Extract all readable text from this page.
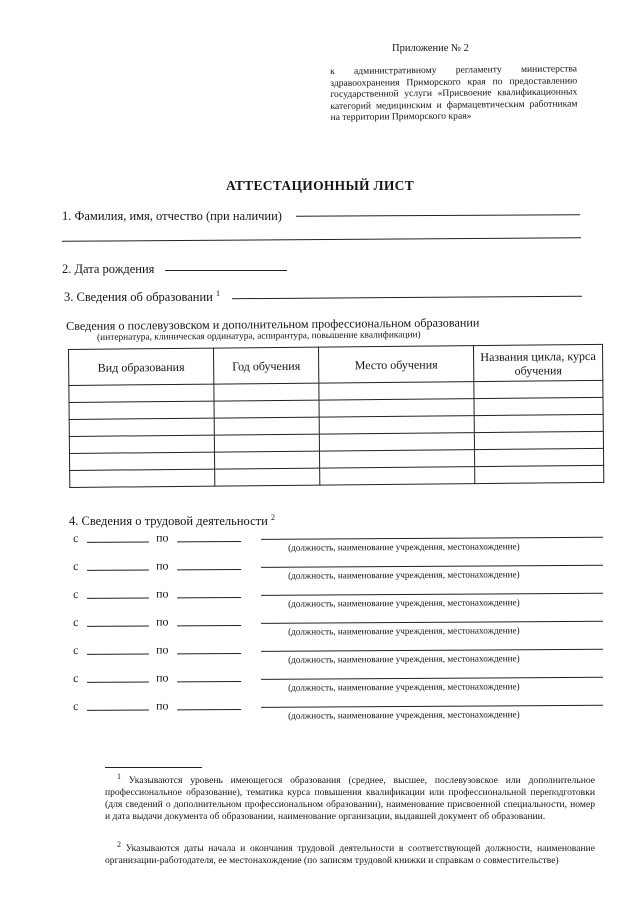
Приложение № 2
к административному регламенту министерства здравоохранения Приморского края по предоставлению государственной услуги «Присвоение квалификационных категорий медицинским и фармацевтическим работникам на территории Приморского края»
АТТЕСТАЦИОННЫЙ ЛИСТ
1. Фамилия, имя, отчество (при наличии)
2. Дата рождения
3. Сведения об образовании $^1$
Сведения о послевузовском и дополнительном профессиональном образовании
(интернатура, клиническая ординатура, аспирантура, повышение квалификации)
Вид образования	Год обучения	Место обучения	Названия цикла, курса обучения

4. Сведения о трудовой деятельности $^2$
с	по
(должность, наименование учреждения, местонахождение)
с	по
(должность, наименование учреждения, местонахождение)
с	по
(должность, наименование учреждения, местонахождение)
с	по
(должность, наименование учреждения, местонахождение)
с	по
(должность, наименование учреждения, местонахождение)
с	по
(должность, наименование учреждения, местонахождение)
с	по
(должность, наименование учреждения, местонахождение)
$^1$ Указываются уровень имеющегося образования (среднее, высшее, послевузовское или дополнительное профессиональное образование), тематика курса повышения квалификации или профессиональной переподготовки (для сведений о дополнительном профессиональном образовании), наименование присвоенной специальности, номер и дата выдачи документа об образовании, наименование организации, выдавшей документ об образовании.
$^2$ Указываются даты начала и окончания трудовой деятельности в соответствующей должности, наименование организации-работодателя, ее местонахождение (по записям трудовой книжки и справкам о совместительстве)
